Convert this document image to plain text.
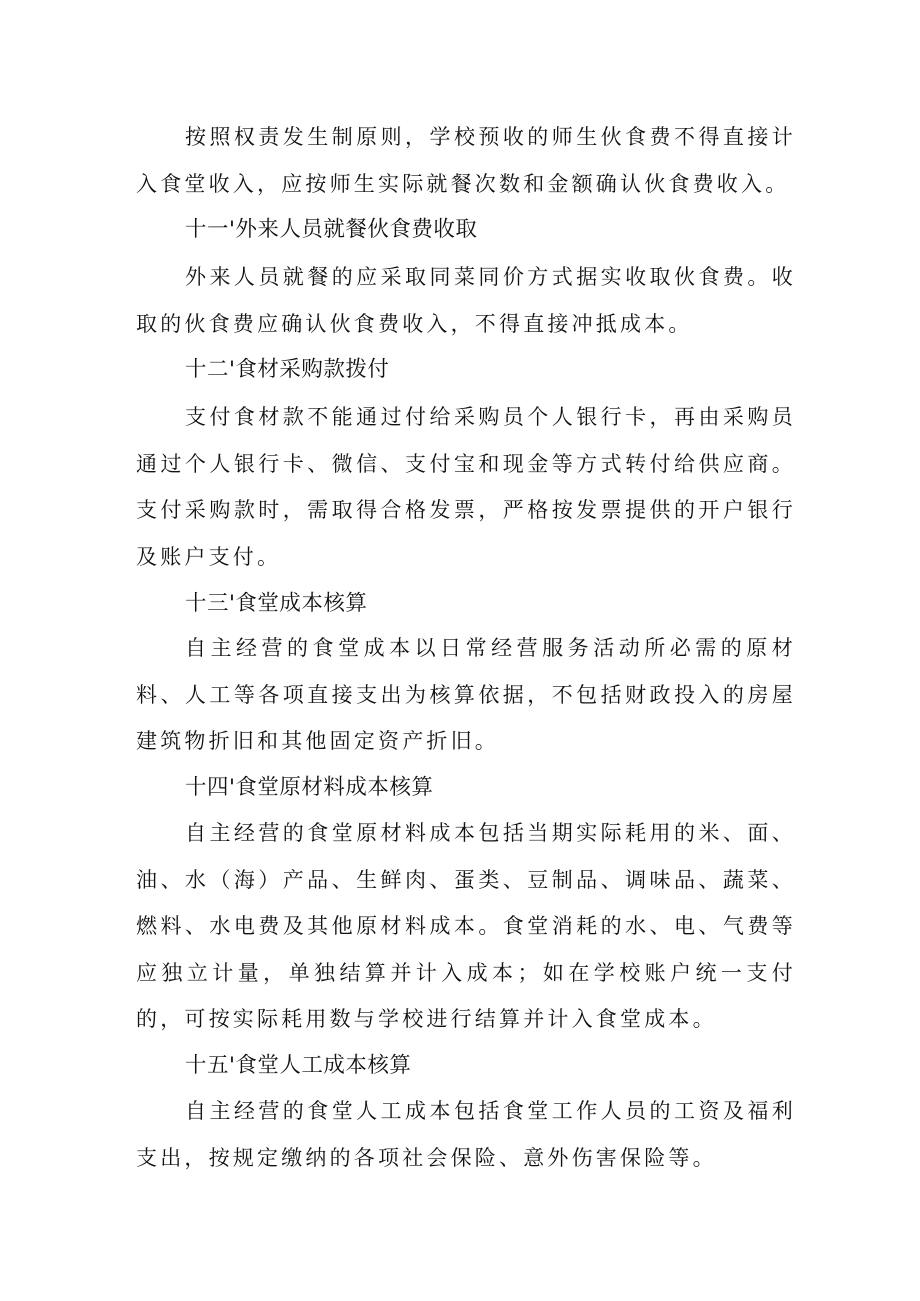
按照权责发生制原则，学校预收的师生伙食费不得直接计入食堂收入，应按师生实际就餐次数和金额确认伙食费收入。

十一'外来人员就餐伙食费收取

外来人员就餐的应采取同菜同价方式据实收取伙食费。收取的伙食费应确认伙食费收入，不得直接冲抵成本。

十二'食材采购款拨付

支付食材款不能通过付给采购员个人银行卡，再由采购员通过个人银行卡、微信、支付宝和现金等方式转付给供应商。支付采购款时，需取得合格发票，严格按发票提供的开户银行及账户支付。

十三'食堂成本核算

自主经营的食堂成本以日常经营服务活动所必需的原材料、人工等各项直接支出为核算依据，不包括财政投入的房屋建筑物折旧和其他固定资产折旧。

十四'食堂原材料成本核算

自主经营的食堂原材料成本包括当期实际耗用的米、面、油、水（海）产品、生鲜肉、蛋类、豆制品、调味品、蔬菜、燃料、水电费及其他原材料成本。食堂消耗的水、电、气费等应独立计量，单独结算并计入成本；如在学校账户统一支付的，可按实际耗用数与学校进行结算并计入食堂成本。

十五'食堂人工成本核算

自主经营的食堂人工成本包括食堂工作人员的工资及福利支出，按规定缴纳的各项社会保险、意外伤害保险等。
